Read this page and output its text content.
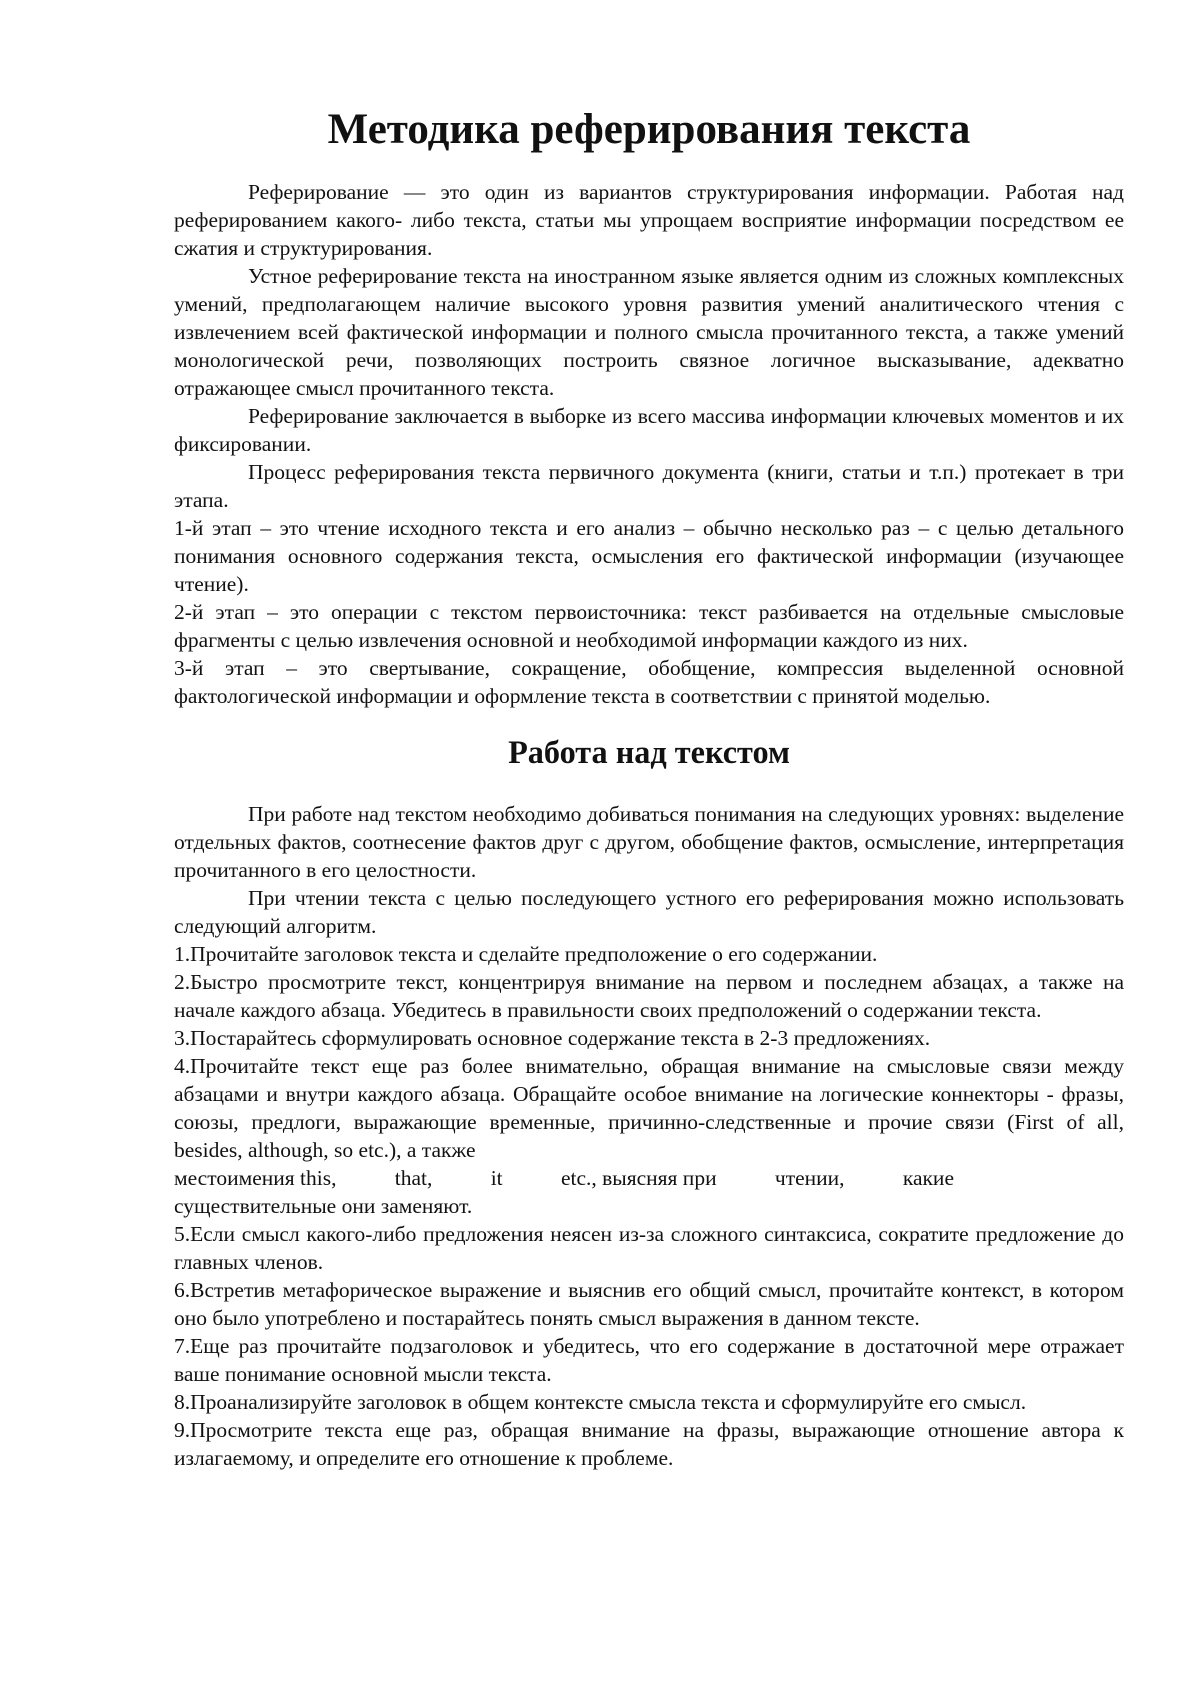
Методика реферирования текста

Реферирование — это один из вариантов структурирования информации. Работая над реферированием какого- либо текста, статьи мы упрощаем восприятие информации посредством ее сжатия и структурирования.

Устное реферирование текста на иностранном языке является одним из сложных комплексных умений, предполагающем наличие высокого уровня развития умений аналитического чтения с извлечением всей фактической информации и полного смысла прочитанного текста, а также умений монологической речи, позволяющих построить связное логичное высказывание, адекватно отражающее смысл прочитанного текста.

Реферирование заключается в выборке из всего массива информации ключевых моментов и их фиксировании.

Процесс реферирования текста первичного документа (книги, статьи и т.п.) протекает в три этапа.

1-й этап – это чтение исходного текста и его анализ – обычно несколько раз – с целью детального понимания основного содержания текста, осмысления его фактической информации (изучающее чтение).

2-й этап – это операции с текстом первоисточника: текст разбивается на отдельные смысловые фрагменты с целью извлечения основной и необходимой информации каждого из них.

3-й этап – это свертывание, сокращение, обобщение, компрессия выделенной основной фактологической информации и оформление текста в соответствии с принятой моделью.

Работа над текстом

При работе над текстом необходимо добиваться понимания на следующих уровнях: выделение отдельных фактов, соотнесение фактов друг с другом, обобщение фактов, осмысление, интерпретация прочитанного в его целостности.

При чтении текста с целью последующего устного его реферирования можно использовать следующий алгоритм.

1.Прочитайте заголовок текста и сделайте предположение о его содержании.

2.Быстро просмотрите текст, концентрируя внимание на первом и последнем абзацах, а также на начале каждого абзаца. Убедитесь в правильности своих предположений о содержании текста.

3.Постарайтесь сформулировать основное содержание текста в 2-3 предложениях.

4.Прочитайте текст еще раз более внимательно, обращая внимание на смысловые связи между абзацами и внутри каждого абзаца. Обращайте особое внимание на логические коннекторы - фразы, союзы, предлоги, выражающие временные, причинно-следственные и прочие связи (First of all, besides, although, so etc.), а также

местоимения this,	that,	it	etc., выясняя при	чтении,	какие

существительные они заменяют.

5.Если смысл какого-либо предложения неясен из-за сложного синтаксиса, сократите предложение до главных членов.

6.Встретив метафорическое выражение и выяснив его общий смысл, прочитайте контекст, в котором оно было употреблено и постарайтесь понять смысл выражения в данном тексте.

7.Еще раз прочитайте подзаголовок и убедитесь, что его содержание в достаточной мере отражает ваше понимание основной мысли текста.

8.Проанализируйте заголовок в общем контексте смысла текста и сформулируйте его смысл.

9.Просмотрите текста еще раз, обращая внимание на фразы, выражающие отношение автора к излагаемому, и определите его отношение к проблеме.
